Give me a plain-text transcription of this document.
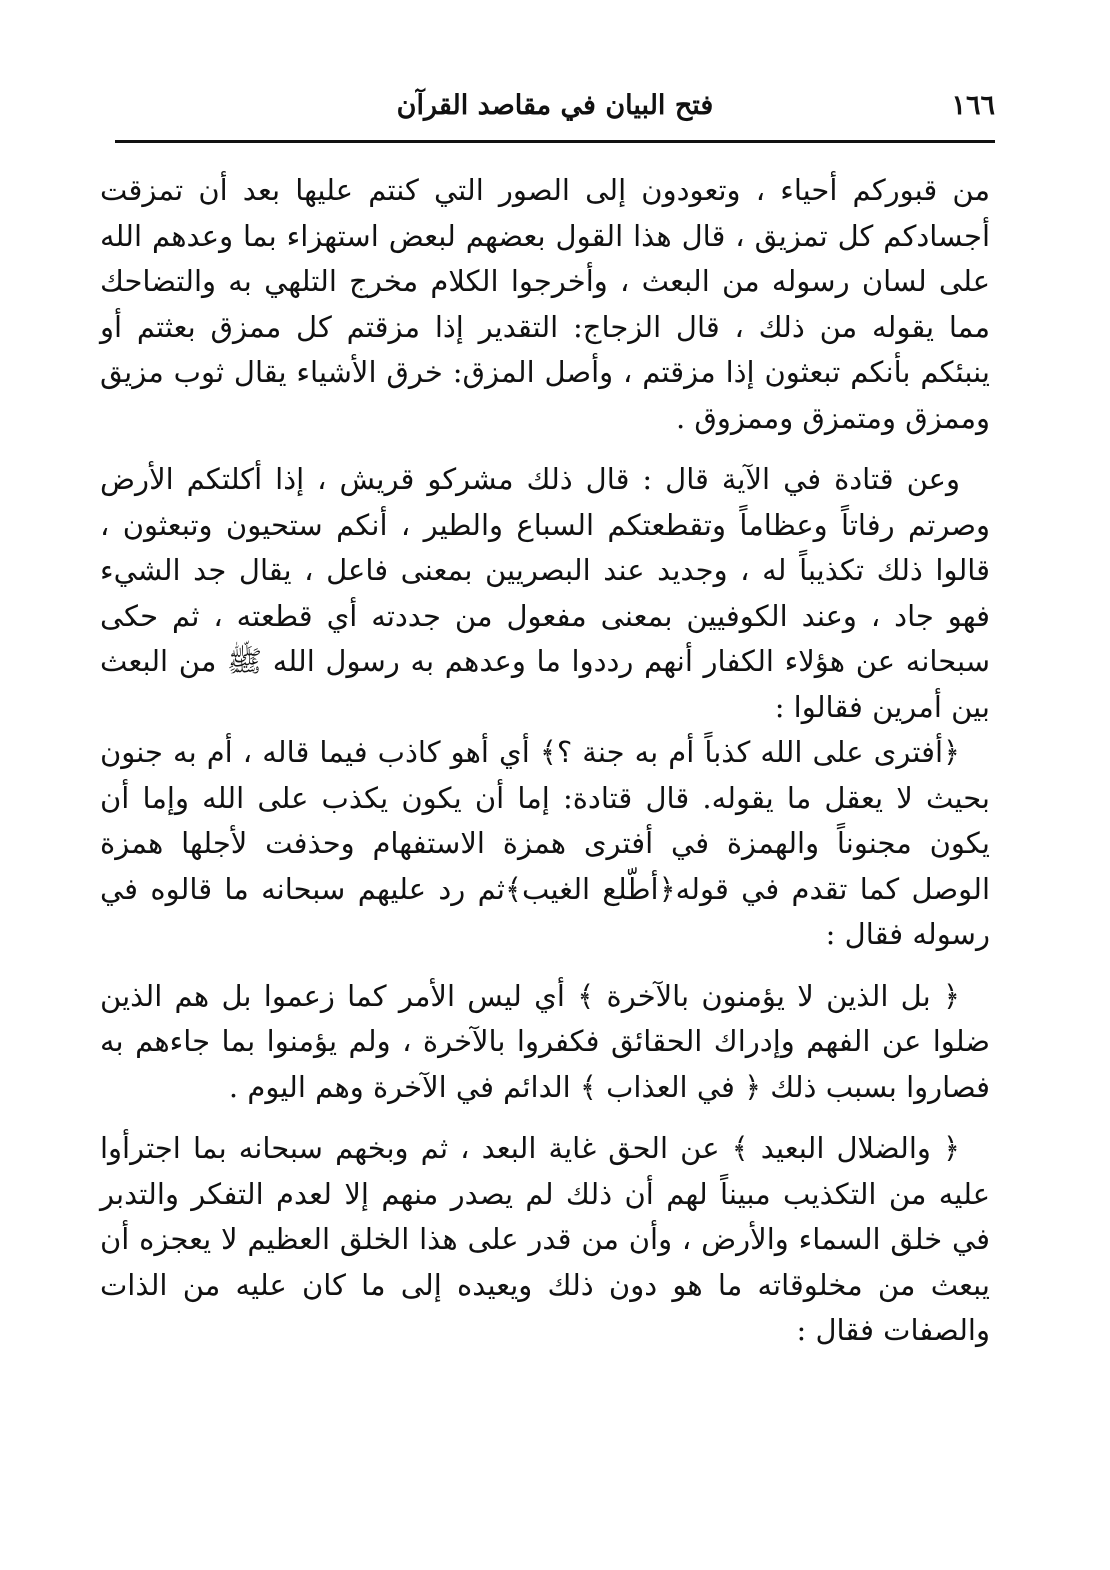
١٦٦
فتح البيان في مقاصد القرآن

من قبوركم أحياء ، وتعودون إلى الصور التي كنتم عليها بعد أن تمزقت أجسادكم كل تمزيق ، قال هذا القول بعضهم لبعض استهزاء بما وعدهم الله على لسان رسوله من البعث ، وأخرجوا الكلام مخرج التلهي به والتضاحك مما يقوله من ذلك ، قال الزجاج: التقدير إذا مزقتم كل ممزق بعثتم أو ينبئكم بأنكم تبعثون إذا مزقتم ، وأصل المزق: خرق الأشياء يقال ثوب مزيق وممزق ومتمزق وممزوق .

وعن قتادة في الآية قال : قال ذلك مشركو قريش ، إذا أكلتكم الأرض وصرتم رفاتاً وعظاماً وتقطعتكم السباع والطير ، أنكم ستحيون وتبعثون ، قالوا ذلك تكذيباً له ، وجديد عند البصريين بمعنى فاعل ، يقال جد الشيء فهو جاد ، وعند الكوفيين بمعنى مفعول من جددته أي قطعته ، ثم حكى سبحانه عن هؤلاء الكفار أنهم رددوا ما وعدهم به رسول الله ﷺ من البعث بين أمرين فقالوا :

﴿أفترى على الله كذباً أم به جنة ؟﴾ أي أهو كاذب فيما قاله ، أم به جنون بحيث لا يعقل ما يقوله. قال قتادة: إما أن يكون يكذب على الله وإما أن يكون مجنوناً والهمزة في أفترى همزة الاستفهام وحذفت لأجلها همزة الوصل كما تقدم في قوله﴿أطّلع الغيب﴾ثم رد عليهم سبحانه ما قالوه في رسوله فقال :

﴿ بل الذين لا يؤمنون بالآخرة ﴾ أي ليس الأمر كما زعموا بل هم الذين ضلوا عن الفهم وإدراك الحقائق فكفروا بالآخرة ، ولم يؤمنوا بما جاءهم به فصاروا بسبب ذلك ﴿ في العذاب ﴾ الدائم في الآخرة وهم اليوم .

﴿ والضلال البعيد ﴾ عن الحق غاية البعد ، ثم وبخهم سبحانه بما اجترأوا عليه من التكذيب مبيناً لهم أن ذلك لم يصدر منهم إلا لعدم التفكر والتدبر في خلق السماء والأرض ، وأن من قدر على هذا الخلق العظيم لا يعجزه أن يبعث من مخلوقاته ما هو دون ذلك ويعيده إلى ما كان عليه من الذات والصفات فقال :
